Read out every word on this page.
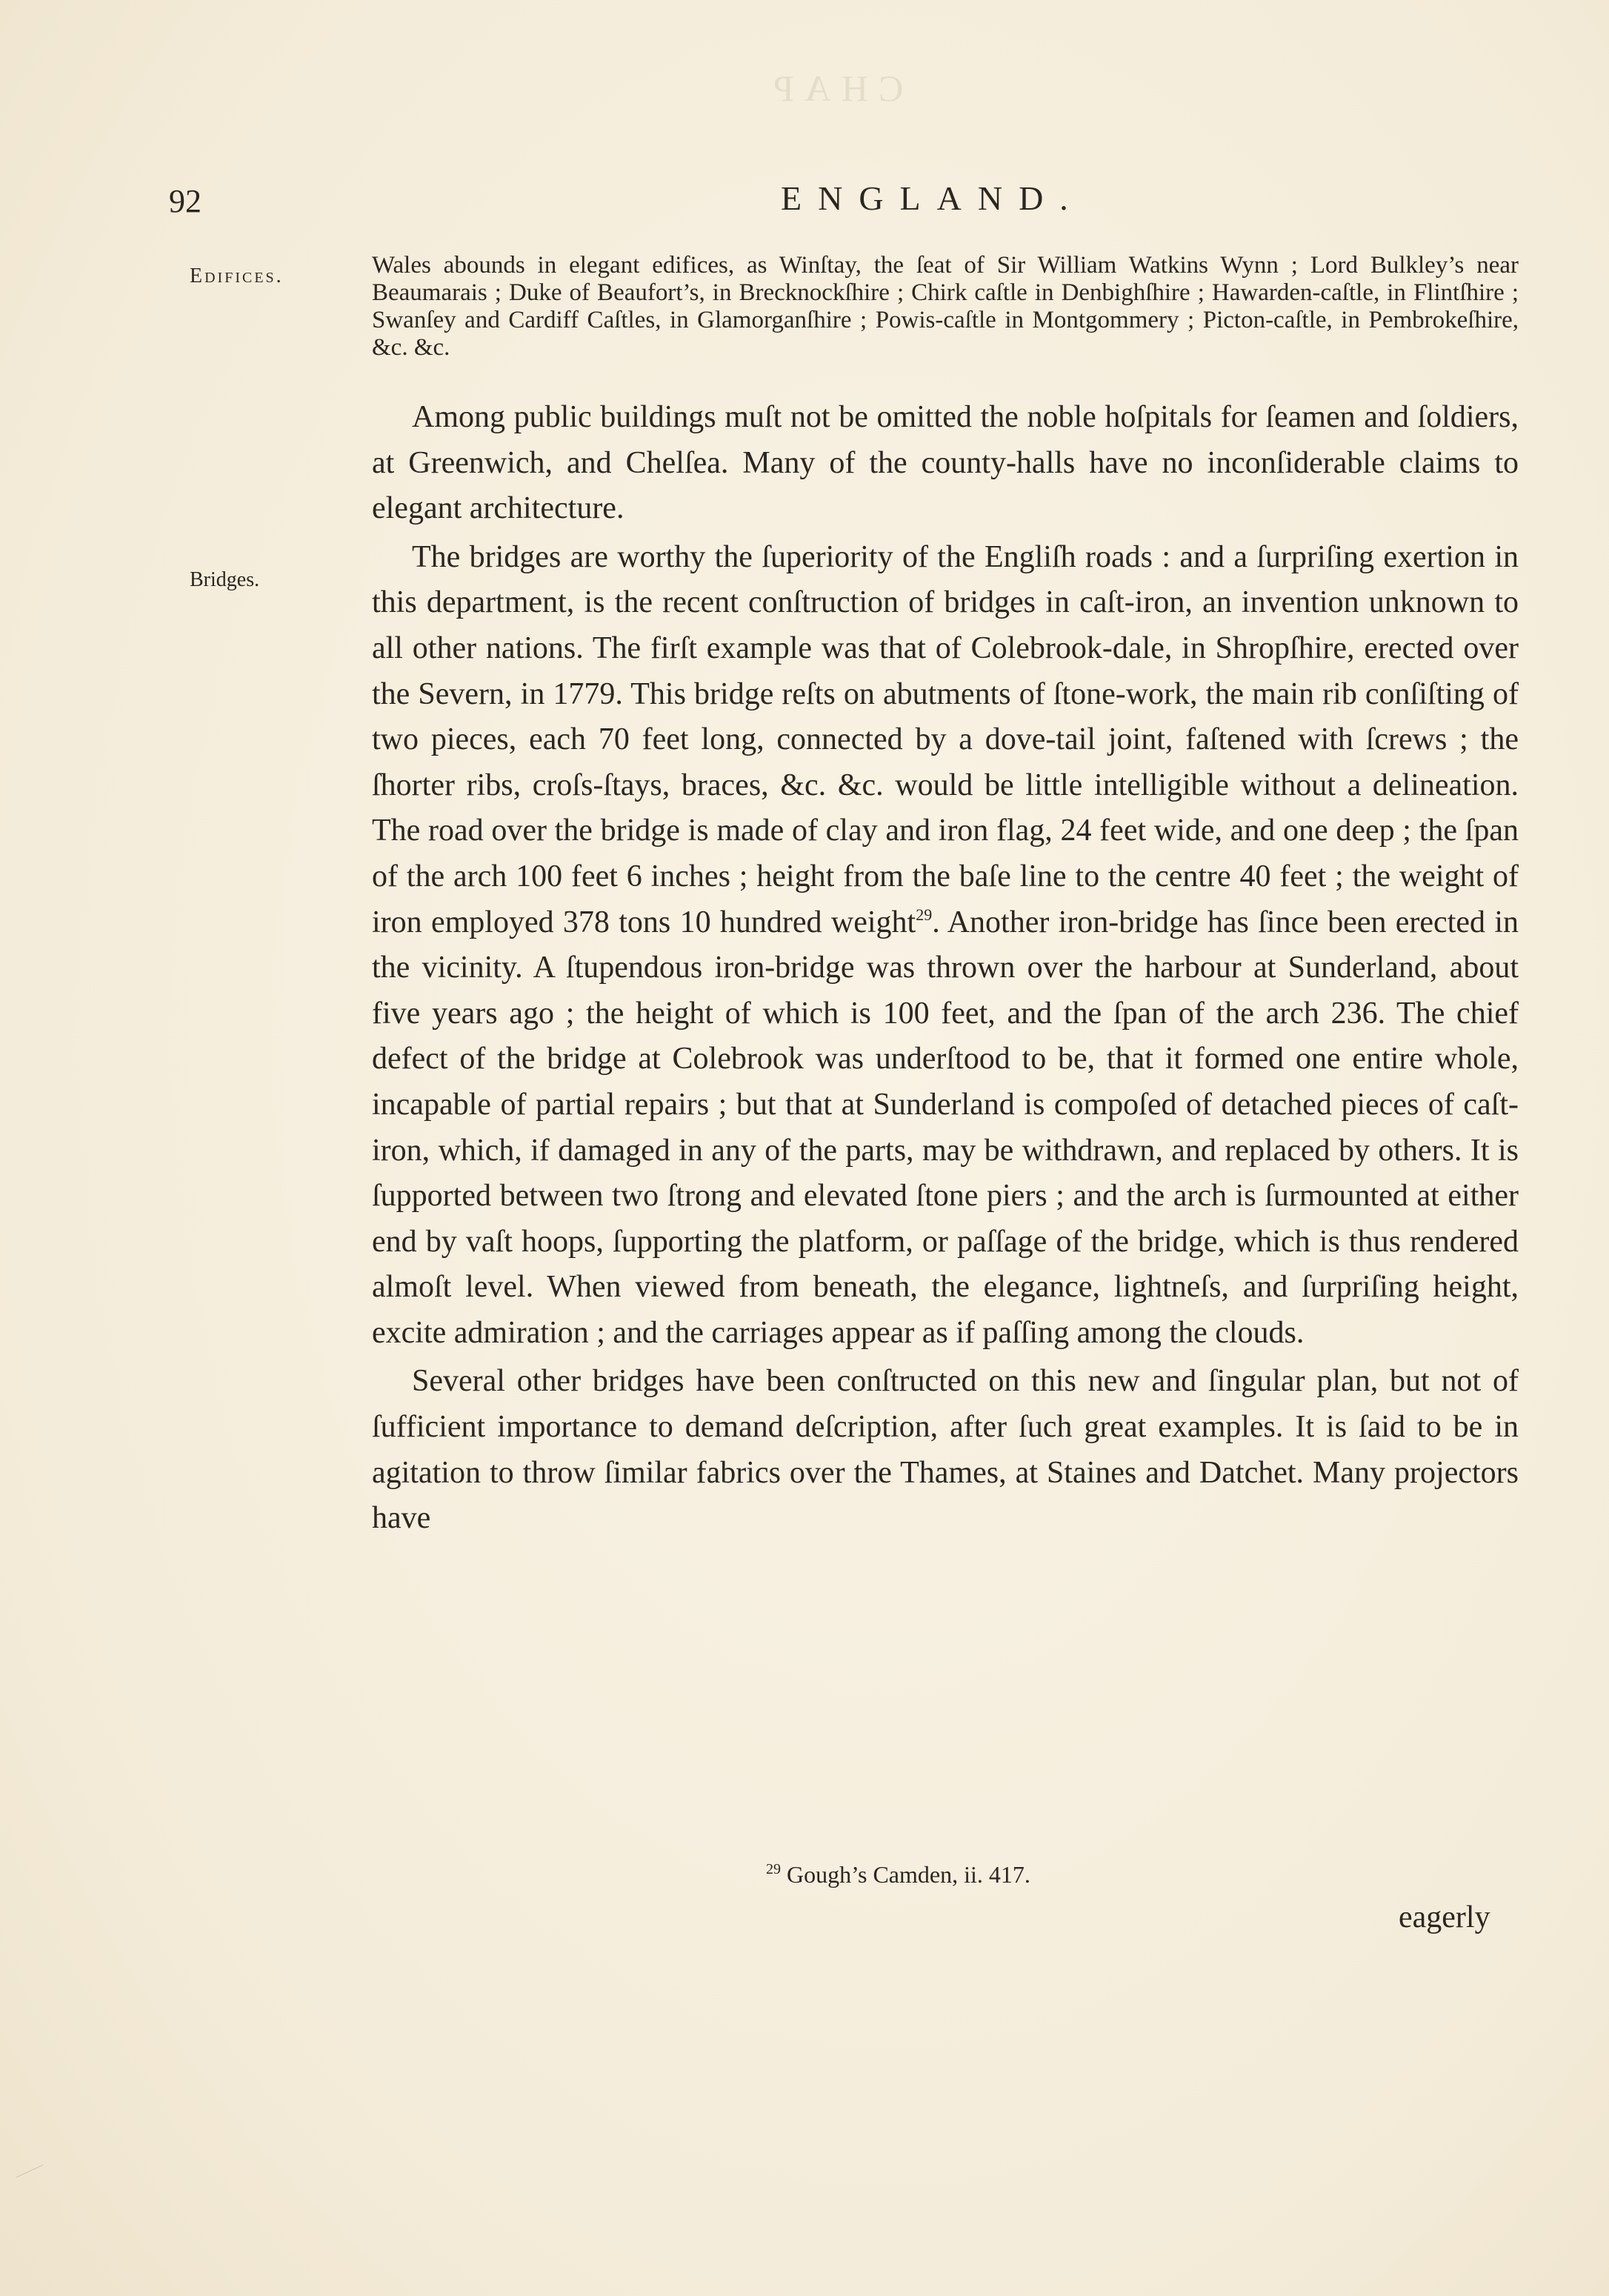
CHAP
92	ENGLAND.
Edifices.
Bridges.

Wales abounds in elegant edifices, as Winſtay, the ſeat of Sir William Watkins Wynn ; Lord Bulkley’s near Beaumarais ; Duke of Beaufort’s, in Brecknockſhire ; Chirk caſtle in Denbighſhire ; Hawarden-caſtle, in Flintſhire ; Swanſey and Cardiff Caſtles, in Glamorganſhire ; Powis-caſtle in Montgommery ; Picton-caſtle, in Pembrokeſhire, &c. &c.

Among public buildings muſt not be omitted the noble hoſpitals for ſeamen and ſoldiers, at Greenwich, and Chelſea. Many of the county-halls have no inconſiderable claims to elegant architecture.

The bridges are worthy the ſuperiority of the Engliſh roads : and a ſurpriſing exertion in this department, is the recent conſtruction of bridges in caſt-iron, an invention unknown to all other nations. The firſt example was that of Colebrook-dale, in Shropſhire, erected over the Severn, in 1779. This bridge reſts on abutments of ſtone-work, the main rib conſiſting of two pieces, each 70 feet long, connected by a dove-tail joint, faſtened with ſcrews ; the ſhorter ribs, croſs-ſtays, braces, &c. &c. would be little intelligible without a delineation. The road over the bridge is made of clay and iron flag, 24 feet wide, and one deep ; the ſpan of the arch 100 feet 6 inches ; height from the baſe line to the centre 40 feet ; the weight of iron employed 378 tons 10 hundred weight$^{29}$. Another iron-bridge has ſince been erected in the vicinity. A ſtupendous iron-bridge was thrown over the harbour at Sunderland, about five years ago ; the height of which is 100 feet, and the ſpan of the arch 236. The chief defect of the bridge at Colebrook was underſtood to be, that it formed one entire whole, incapable of partial repairs ; but that at Sunderland is compoſed of detached pieces of caſt-iron, which, if damaged in any of the parts, may be withdrawn, and replaced by others. It is ſupported between two ſtrong and elevated ſtone piers ; and the arch is ſurmounted at either end by vaſt hoops, ſupporting the platform, or paſſage of the bridge, which is thus rendered almoſt level. When viewed from beneath, the elegance, lightneſs, and ſurpriſing height, excite admiration ; and the carriages appear as if paſſing among the clouds.

Several other bridges have been conſtructed on this new and ſingular plan, but not of ſufficient importance to demand deſcription, after ſuch great examples. It is ſaid to be in agitation to throw ſimilar fabrics over the Thames, at Staines and Datchet. Many projectors have

$^{29}$ Gough’s Camden, ii. 417.
eagerly
